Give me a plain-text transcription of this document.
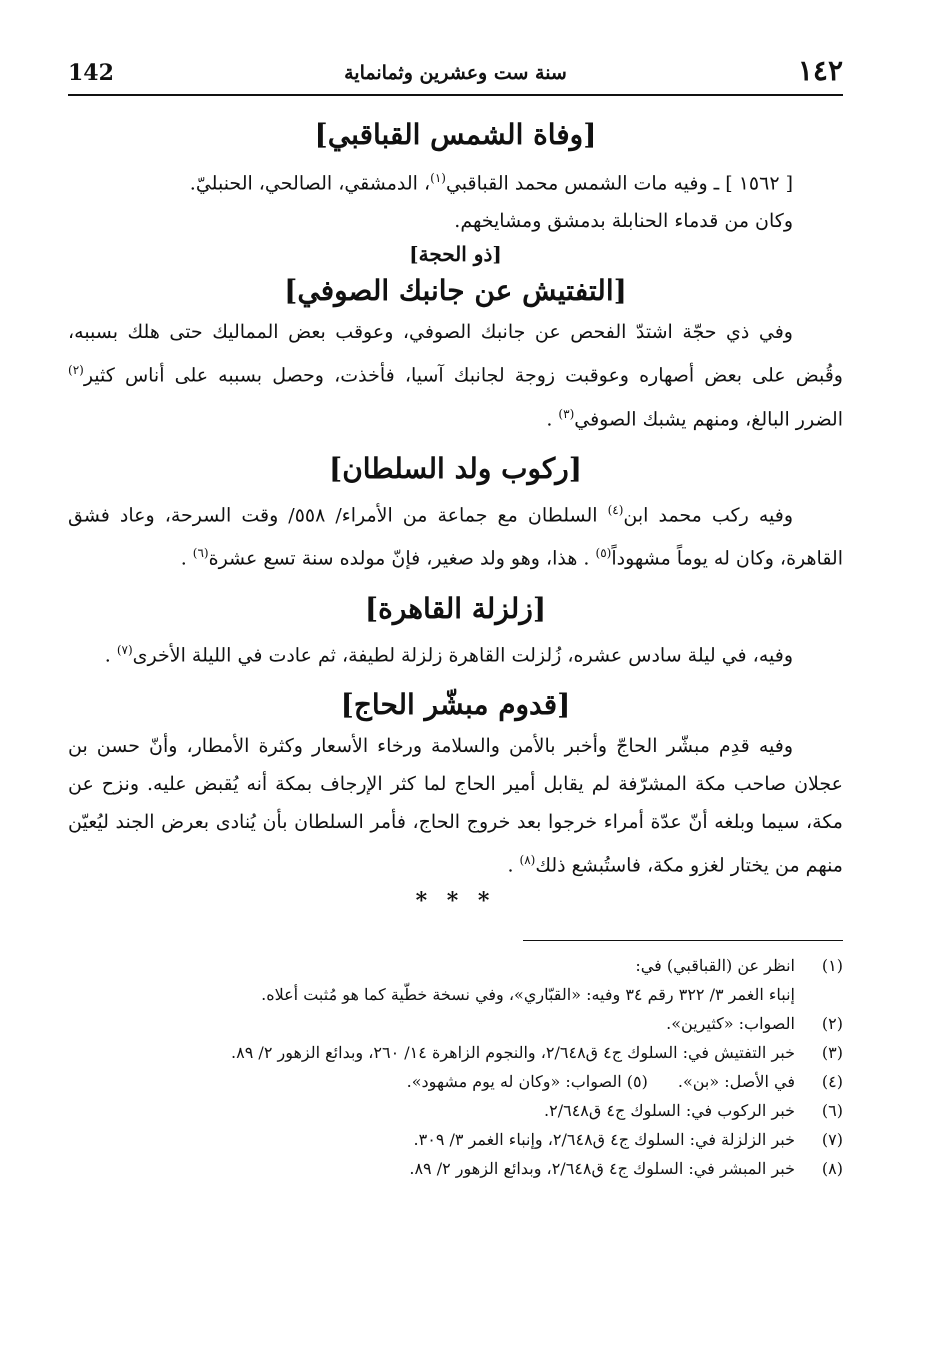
١٤٢
سنة ست وعشرين وثمانماية
142
[وفاة الشمس القباقبي]

[ ١٥٦٢ ] ـ وفيه مات الشمس محمد القباقبي$^{(١)}$، الدمشقي، الصالحي، الحنبليّ.

وكان من قدماء الحنابلة بدمشق ومشايخهم.

[ذو الحجة]
[التفتيش عن جانبك الصوفي]

وفي ذي حجّة اشتدّ الفحص عن جانبك الصوفي، وعوقب بعض المماليك حتى هلك بسببه، وقُبض على بعض أصهاره وعوقبت زوجة لجانبك آسيا، فأخذت، وحصل بسببه على أناس كثير$^{(٢)}$ الضرر البالغ، ومنهم يشبك الصوفي$^{(٣)}$ .

[ركوب ولد السلطان]

وفيه ركب محمد ابن$^{(٤)}$ السلطان مع جماعة من الأمراء/ ٥٥٨/ وقت السرحة، وعاد فشق القاهرة، وكان له يوماً مشهوداً$^{(٥)}$ . هذا، وهو ولد صغير، فإنّ مولده سنة تسع عشرة$^{(٦)}$ .

[زلزلة القاهرة]

وفيه، في ليلة سادس عشره، زُلزلت القاهرة زلزلة لطيفة، ثم عادت في الليلة الأخرى$^{(٧)}$ .

[قدوم مبشّر الحاج]

وفيه قدِم مبشّر الحاجّ وأخبر بالأمن والسلامة ورخاء الأسعار وكثرة الأمطار، وأنّ حسن بن عجلان صاحب مكة المشرّفة لم يقابل أمير الحاج لما كثر الإرجاف بمكة أنه يُقبض عليه. ونزح عن مكة، سيما وبلغه أنّ عدّة أمراء خرجوا بعد خروج الحاج، فأمر السلطان بأن يُنادى بعرض الجند ليُعيّن منهم من يختار لغزو مكة، فاستُبشع ذلك$^{(٨)}$ .

* * *
(١)
انظر عن (القباقبي) في:
إنباء الغمر ٣/ ٣٢٢ رقم ٣٤ وفيه: «القبّاري»، وفي نسخة خطّية كما هو مُثبت أعلاه.
(٢)
الصواب: «كثيرين».
(٣)
خبر التفتيش في: السلوك ج٤ ق٢/٦٤٨، والنجوم الزاهرة ١٤/ ٢٦٠، وبدائع الزهور ٢/ ٨٩.
(٤)
في الأصل: «بن».
(٥) الصواب: «وكان له يوم مشهود».
(٦)
خبر الركوب في: السلوك ج٤ ق٢/٦٤٨.
(٧)
خبر الزلزلة في: السلوك ج٤ ق٢/٦٤٨، وإنباء الغمر ٣/ ٣٠٩.
(٨)
خبر المبشر في: السلوك ج٤ ق٢/٦٤٨، وبدائع الزهور ٢/ ٨٩.
